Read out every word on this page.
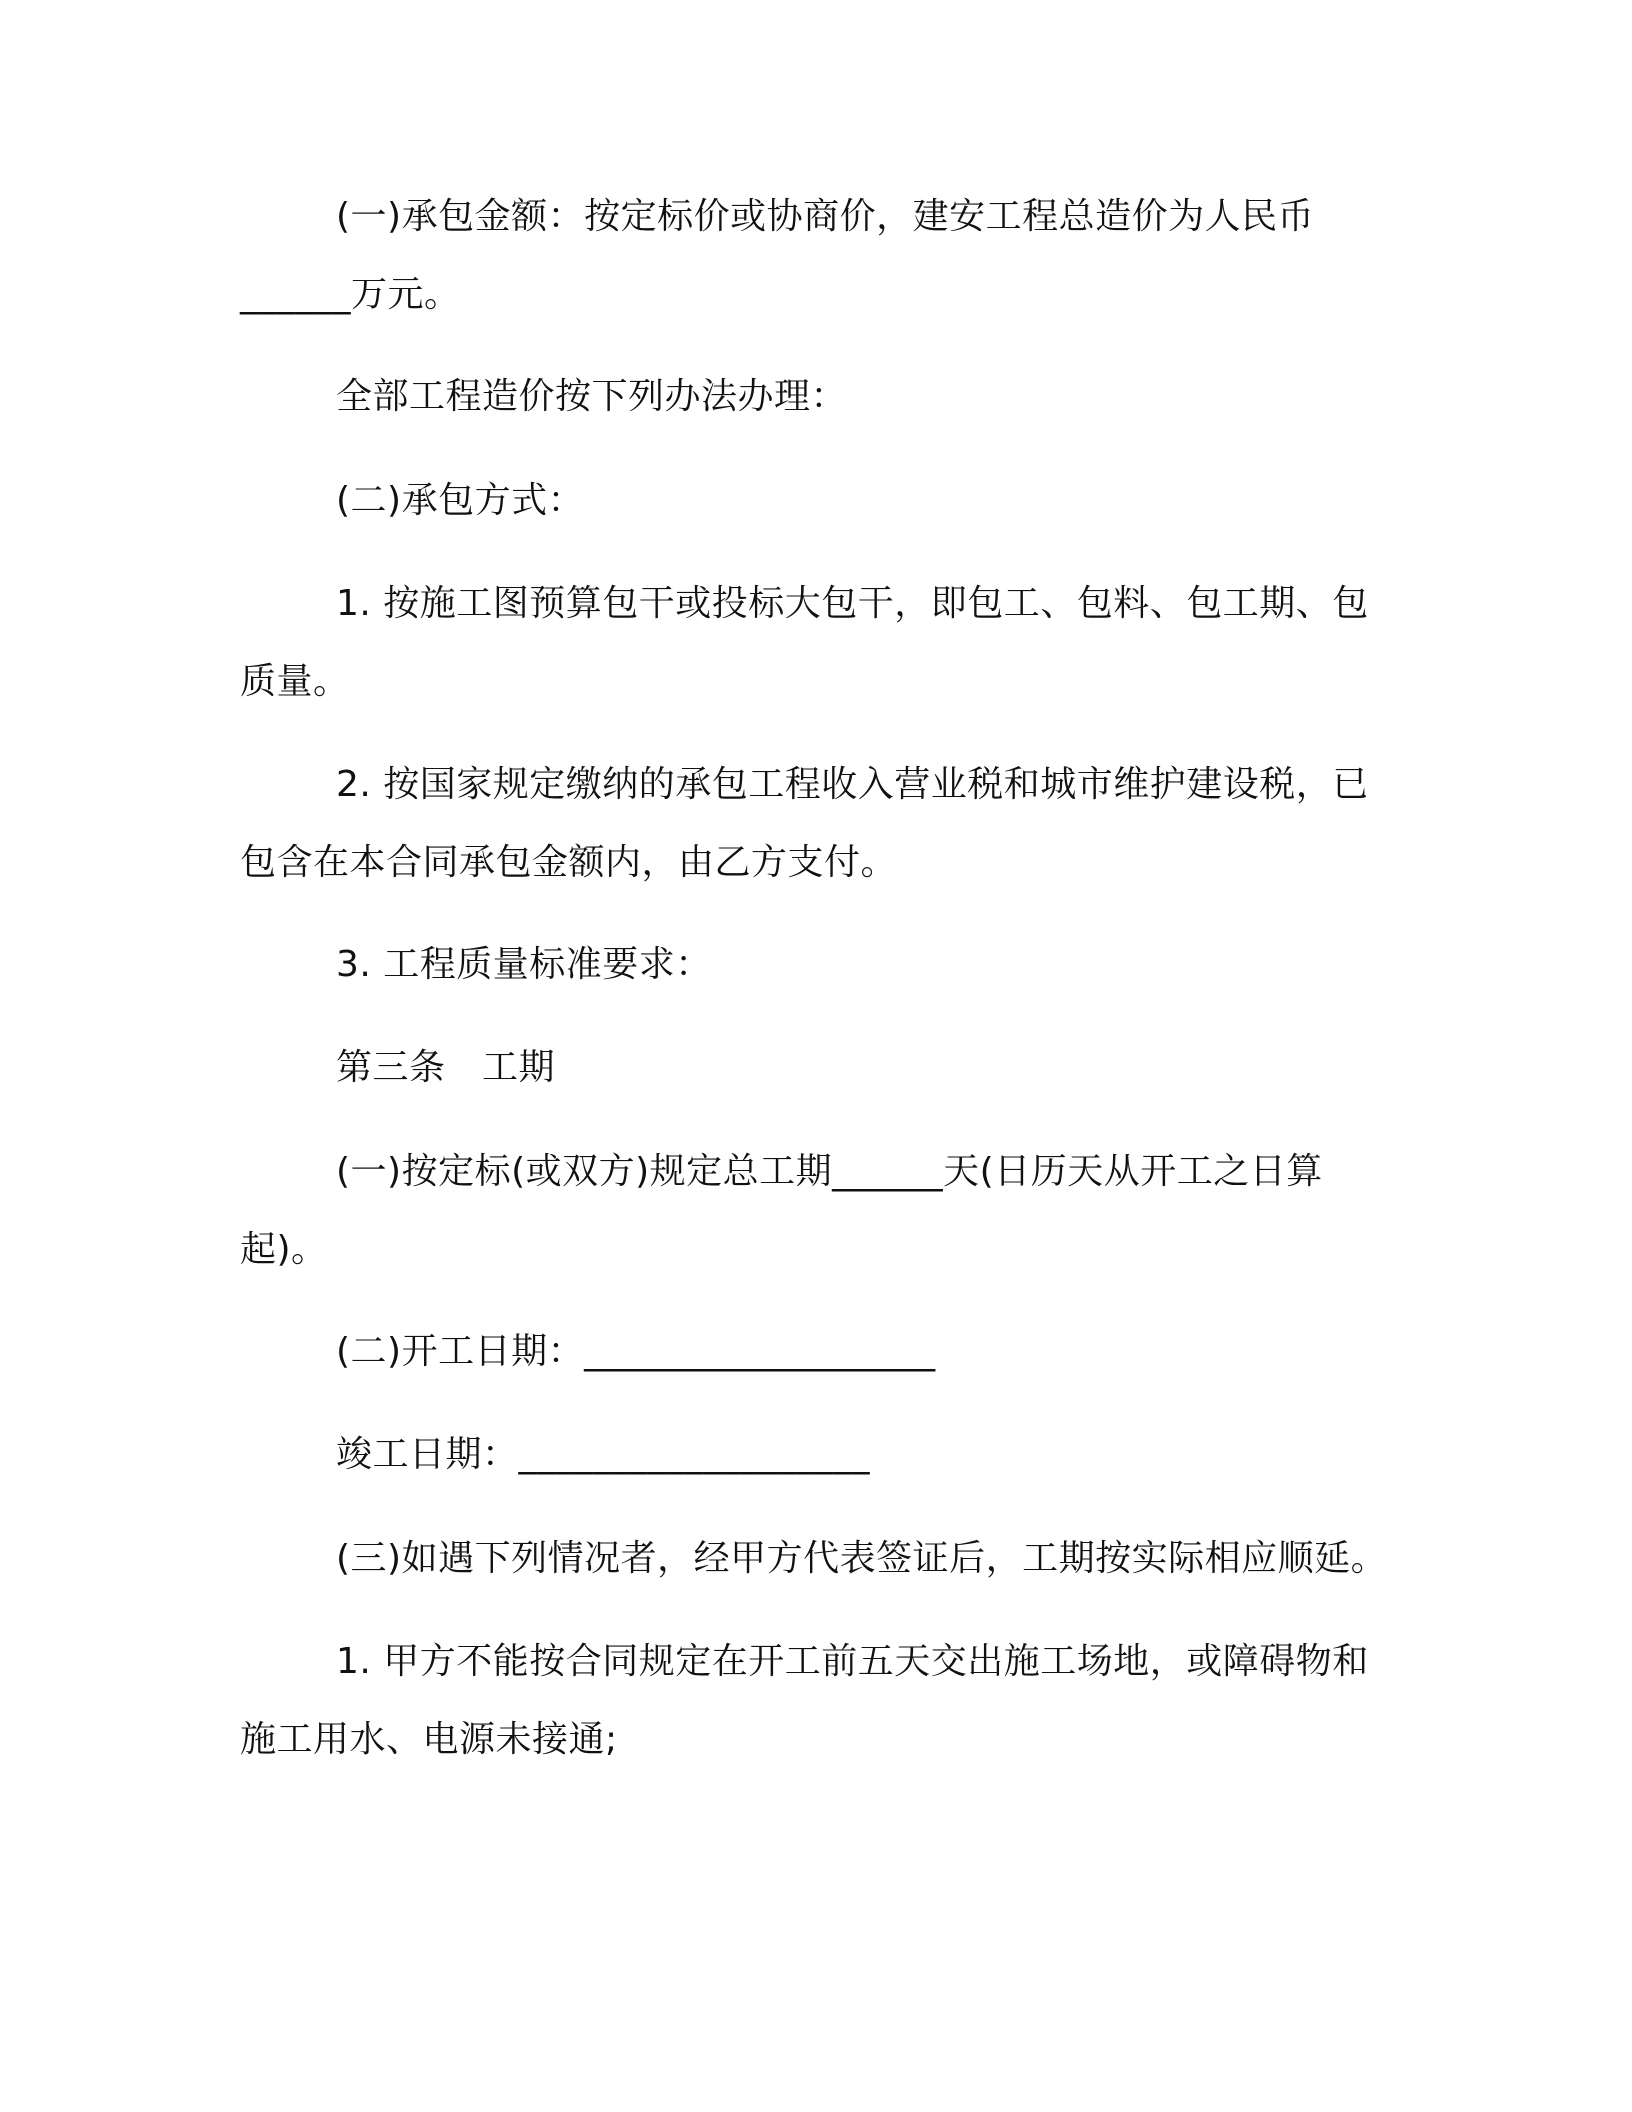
(一)承包金额：按定标价或协商价，建安工程总造价为人民币______万元。

全部工程造价按下列办法办理：

(二)承包方式：

1. 按施工图预算包干或投标大包干，即包工、包料、包工期、包质量。

2. 按国家规定缴纳的承包工程收入营业税和城市维护建设税，已包含在本合同承包金额内，由乙方支付。

3. 工程质量标准要求：

第三条　工期

(一)按定标(或双方)规定总工期______天(日历天从开工之日算起)。

(二)开工日期：___________________

竣工日期：___________________

(三)如遇下列情况者，经甲方代表签证后，工期按实际相应顺延。

1. 甲方不能按合同规定在开工前五天交出施工场地，或障碍物和施工用水、电源未接通;
